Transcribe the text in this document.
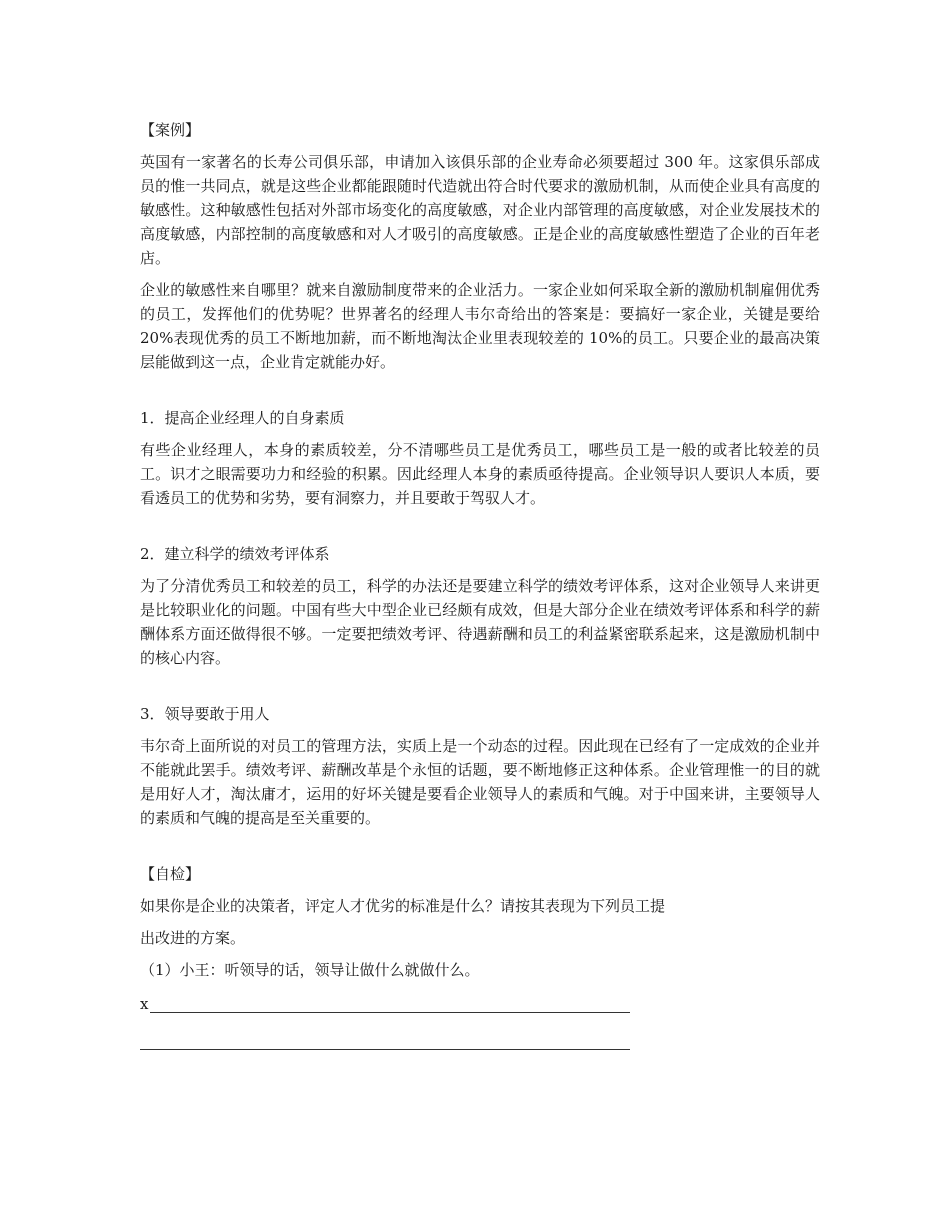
【案例】

英国有一家著名的长寿公司俱乐部，申请加入该俱乐部的企业寿命必须要超过 300 年。这家俱乐部成员的惟一共同点，就是这些企业都能跟随时代造就出符合时代要求的激励机制，从而使企业具有高度的敏感性。这种敏感性包括对外部市场变化的高度敏感，对企业内部管理的高度敏感，对企业发展技术的高度敏感，内部控制的高度敏感和对人才吸引的高度敏感。正是企业的高度敏感性塑造了企业的百年老店。

企业的敏感性来自哪里？就来自激励制度带来的企业活力。一家企业如何采取全新的激励机制雇佣优秀的员工，发挥他们的优势呢？世界著名的经理人韦尔奇给出的答案是：要搞好一家企业，关键是要给 20%表现优秀的员工不断地加薪，而不断地淘汰企业里表现较差的 10%的员工。只要企业的最高决策层能做到这一点，企业肯定就能办好。

1．提高企业经理人的自身素质

有些企业经理人，本身的素质较差，分不清哪些员工是优秀员工，哪些员工是一般的或者比较差的员工。识才之眼需要功力和经验的积累。因此经理人本身的素质亟待提高。企业领导识人要识人本质，要看透员工的优势和劣势，要有洞察力，并且要敢于驾驭人才。

2．建立科学的绩效考评体系

为了分清优秀员工和较差的员工，科学的办法还是要建立科学的绩效考评体系，这对企业领导人来讲更是比较职业化的问题。中国有些大中型企业已经颇有成效，但是大部分企业在绩效考评体系和科学的薪酬体系方面还做得很不够。一定要把绩效考评、待遇薪酬和员工的利益紧密联系起来，这是激励机制中的核心内容。

3．领导要敢于用人

韦尔奇上面所说的对员工的管理方法，实质上是一个动态的过程。因此现在已经有了一定成效的企业并不能就此罢手。绩效考评、薪酬改革是个永恒的话题，要不断地修正这种体系。企业管理惟一的目的就是用好人才，淘汰庸才，运用的好坏关键是要看企业领导人的素质和气魄。对于中国来讲，主要领导人的素质和气魄的提高是至关重要的。

【自检】
如果你是企业的决策者，评定人才优劣的标准是什么？请按其表现为下列员工提
出改进的方案。
（1）小王：听领导的话，领导让做什么就做什么。
x
